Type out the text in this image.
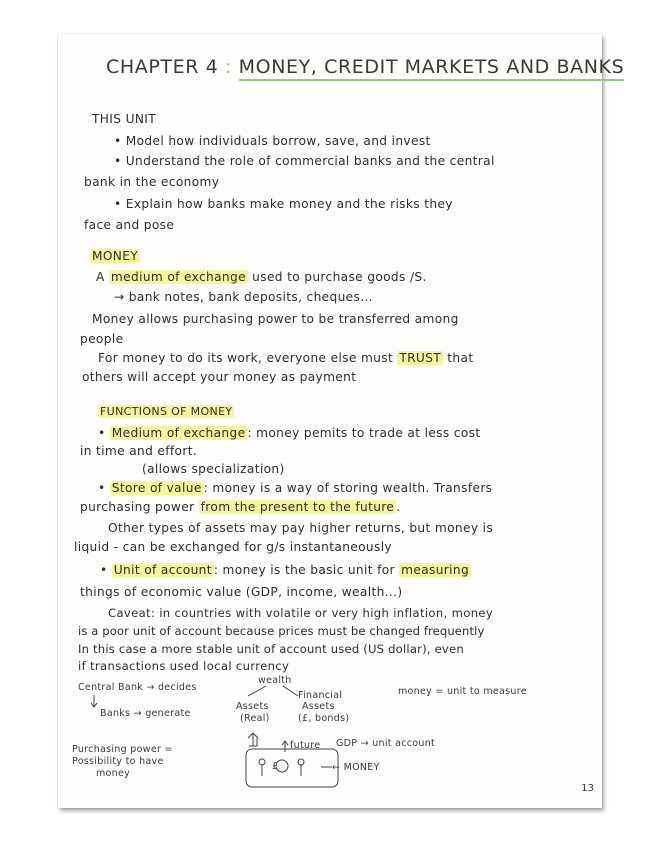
CHAPTER 4 : MONEY, CREDIT MARKETS AND BANKS
THIS UNIT
• Model how individuals borrow, save, and invest
• Understand the role of commercial banks and the central
bank in the economy
• Explain how banks make money and the risks they
face and pose
MONEY
A medium of exchange used to purchase goods /S.
→ bank notes, bank deposits, cheques...
Money allows purchasing power to be transferred among
people
For money to do its work, everyone else must TRUST that
others will accept your money as payment
FUNCTIONS OF MONEY
• Medium of exchange : money pemits to trade at less cost
in time and effort.
(allows specialization)
• Store of value : money is a way of storing wealth. Transfers
purchasing power from the present to the future .
Other types of assets may pay higher returns, but money is
liquid - can be exchanged for g/s instantaneously
• Unit of account : money is the basic unit for measuring
things of economic value (GDP, income, wealth...)
Caveat: in countries with volatile or very high inflation, money
is a poor unit of account because prices must be changed frequently
In this case a more stable unit of account used (US dollar), even
if transactions used local currency
Central Bank → decides
Banks → generate
wealth
Assets
(Real)
Financial
Assets
(£, bonds)
money = unit to measure
future GDP → unit account
£	← MONEY
Purchasing power =
Possibility to have
money
13
